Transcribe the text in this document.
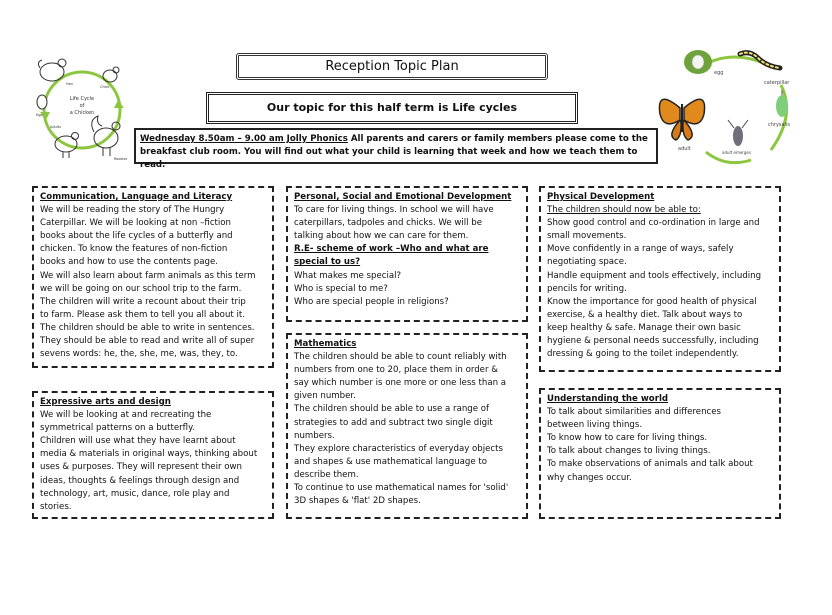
Life Cycle
of
a Chicken
Hen
Chick
Rooster
Egg
Adults
egg
caterpillar
chrysalis
adult emerges
adult
Reception Topic Plan
Our topic for this half term is Life cycles
Wednesday 8.50am – 9.00 am Jolly Phonics All parents and carers or family members please come to the breakfast club room. You will find out what your child is learning that week and how we teach them to read.
Communication, Language and Literacy

We will be reading the story of The Hungry

Caterpillar. We will be looking at non –fiction

books about the life cycles of a butterfly and

chicken. To know the features of non-fiction

books and how to use the contents page.

We will also learn about farm animals as this term

we will be going on our school trip to the farm.

The children will write a recount about their trip

to farm. Please ask them to tell you all about it.

The children should be able to write in sentences.

They should be able to read and write all of super

sevens words: he, the, she, me, was, they, to.

Expressive arts and design

We will be looking at and recreating the

symmetrical patterns on a butterfly.

Children will use what they have learnt about

media & materials in original ways, thinking about

uses & purposes. They will represent their own

ideas, thoughts & feelings through design and

technology, art, music, dance, role play and

stories.

Personal, Social and Emotional Development

To care for living things. In school we will have

caterpillars, tadpoles and chicks. We will be

talking about how we can care for them.

R.E- scheme of work –Who and what are

special to us?

What makes me special?

Who is special to me?

Who are special people in religions?

Mathematics

The children should be able to count reliably with

numbers from one to 20, place them in order &

say which number is one more or one less than a

given number.

The children should be able to use a range of

strategies to add and subtract two single digit

numbers.

They explore characteristics of everyday objects

and shapes & use mathematical language to

describe them.

To continue to use mathematical names for 'solid'

3D shapes & 'flat' 2D shapes.

Physical Development

The children should now be able to:

Show good control and co-ordination in large and

small movements.

Move confidently in a range of ways, safely

negotiating space.

Handle equipment and tools effectively, including

pencils for writing.

Know the importance for good health of physical

exercise, & a healthy diet. Talk about ways to

keep healthy & safe. Manage their own basic

hygiene & personal needs successfully, including

dressing & going to the toilet independently.

Understanding the world

To talk about similarities and differences

between living things.

To know how to care for living things.

To talk about changes to living things.

To make observations of animals and talk about

why changes occur.
